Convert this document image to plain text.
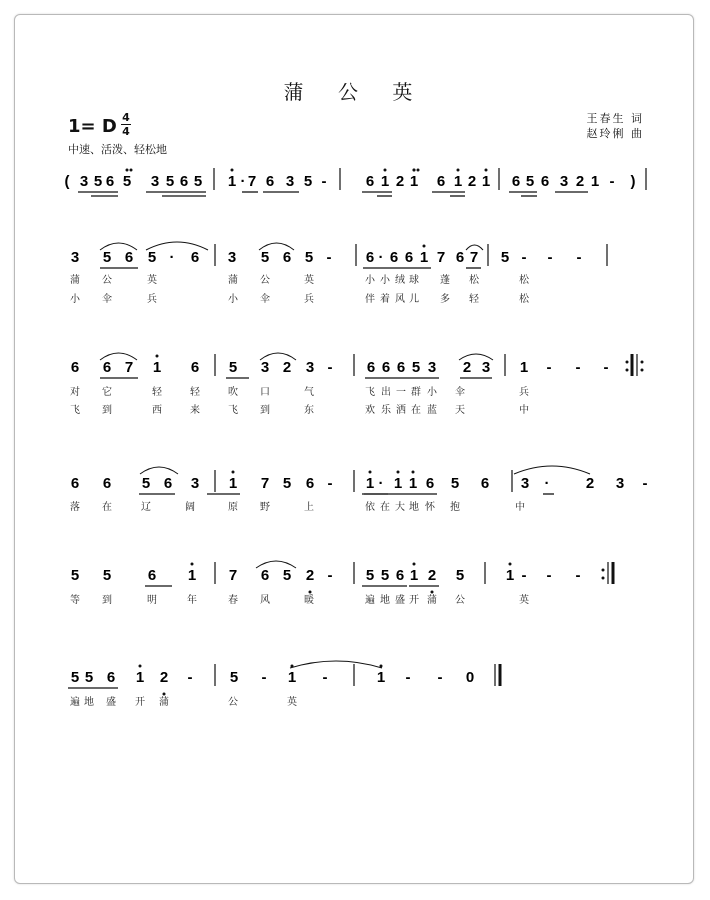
蒲 公 英
1= D 4
4
中速、活泼、轻松地
王春生 词
赵玲俐 曲
( 3 5 6 5 3 5 6 5 1 · 7 6 3 5 -	6 1 2 1 6 1 2 1 6 5 6 3 2 1 - )
3 5 6 5 · 6 3 5 6 5 - 6 · 6 6 1 7 6 7 5 - - -
蒲 公	英	蒲 公	英	小 小 绒 球 蓬 松	松
小 伞	兵	小 伞	兵	伴 着 风 儿 多 轻	松
6 6 7 1 6 5 3 2 3 - 6 6 6 5 3 2 3 1 - - -
对 它	轻	轻	吹 口	气	飞 出 一 群 小 伞	兵
飞 到	西	来	飞 到	东	欢 乐 洒 在 蓝 天	中
6 6 5 6 3 1 7 5 6 - 1 · 1 1 6 5 6 3 · 2 3 -
落 在	辽	阔	原 野	上	依 在 大 地 怀 抱	中
5 5 6 1 7 6 5 2 - 5 5 6 1 2 5	1 - - -
等 到	明	年	春 风	暖	遍 地 盛 开 蒲 公	英
5 5 6 1 2 - 5 - 1 -	1 - - 0
遍 地 盛 开 蒲	公	英
